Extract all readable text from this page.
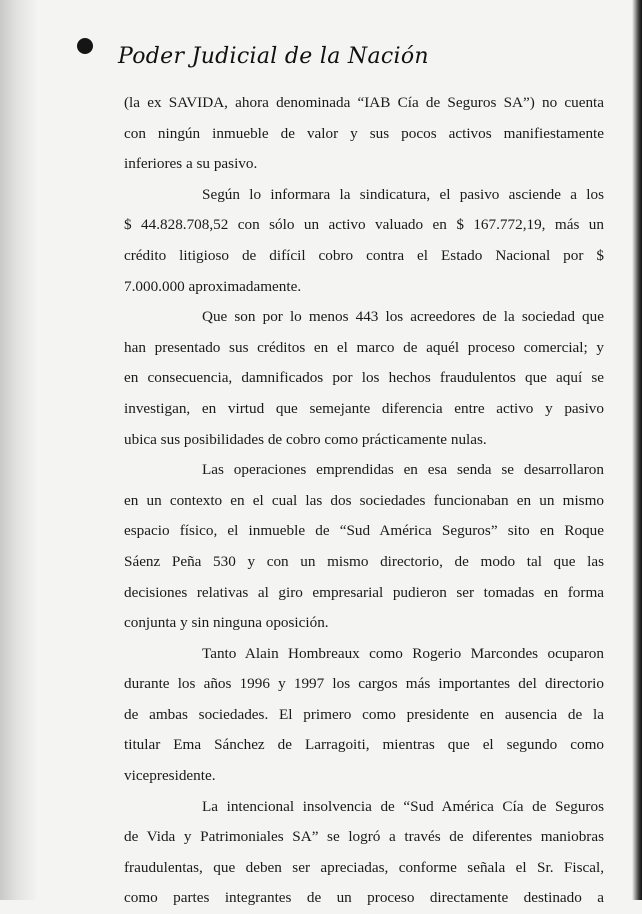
Poder Judicial de la Nación

(la ex SAVIDA, ahora denominada “IAB Cía de Seguros SA”) no cuenta
con ningún inmueble de valor y sus pocos activos manifiestamente
inferiores a su pasivo.

Según lo informara la sindicatura, el pasivo asciende a los
$ 44.828.708,52 con sólo un activo valuado en $ 167.772,19, más un
crédito litigioso de difícil cobro contra el Estado Nacional por $
7.000.000 aproximadamente.

Que son por lo menos 443 los acreedores de la sociedad que
han presentado sus créditos en el marco de aquél proceso comercial; y
en consecuencia, damnificados por los hechos fraudulentos que aquí se
investigan, en virtud que semejante diferencia entre activo y pasivo
ubica sus posibilidades de cobro como prácticamente nulas.

Las operaciones emprendidas en esa senda se desarrollaron
en un contexto en el cual las dos sociedades funcionaban en un mismo
espacio físico, el inmueble de “Sud América Seguros” sito en Roque
Sáenz Peña 530 y con un mismo directorio, de modo tal que las
decisiones relativas al giro empresarial pudieron ser tomadas en forma
conjunta y sin ninguna oposición.

Tanto Alain Hombreaux como Rogerio Marcondes ocuparon
durante los años 1996 y 1997 los cargos más importantes del directorio
de ambas sociedades. El primero como presidente en ausencia de la
titular Ema Sánchez de Larragoiti, mientras que el segundo como
vicepresidente.

La intencional insolvencia de “Sud América Cía de Seguros
de Vida y Patrimoniales SA” se logró a través de diferentes maniobras
fraudulentas, que deben ser apreciadas, conforme señala el Sr. Fiscal,
como partes integrantes de un proceso directamente destinado a
